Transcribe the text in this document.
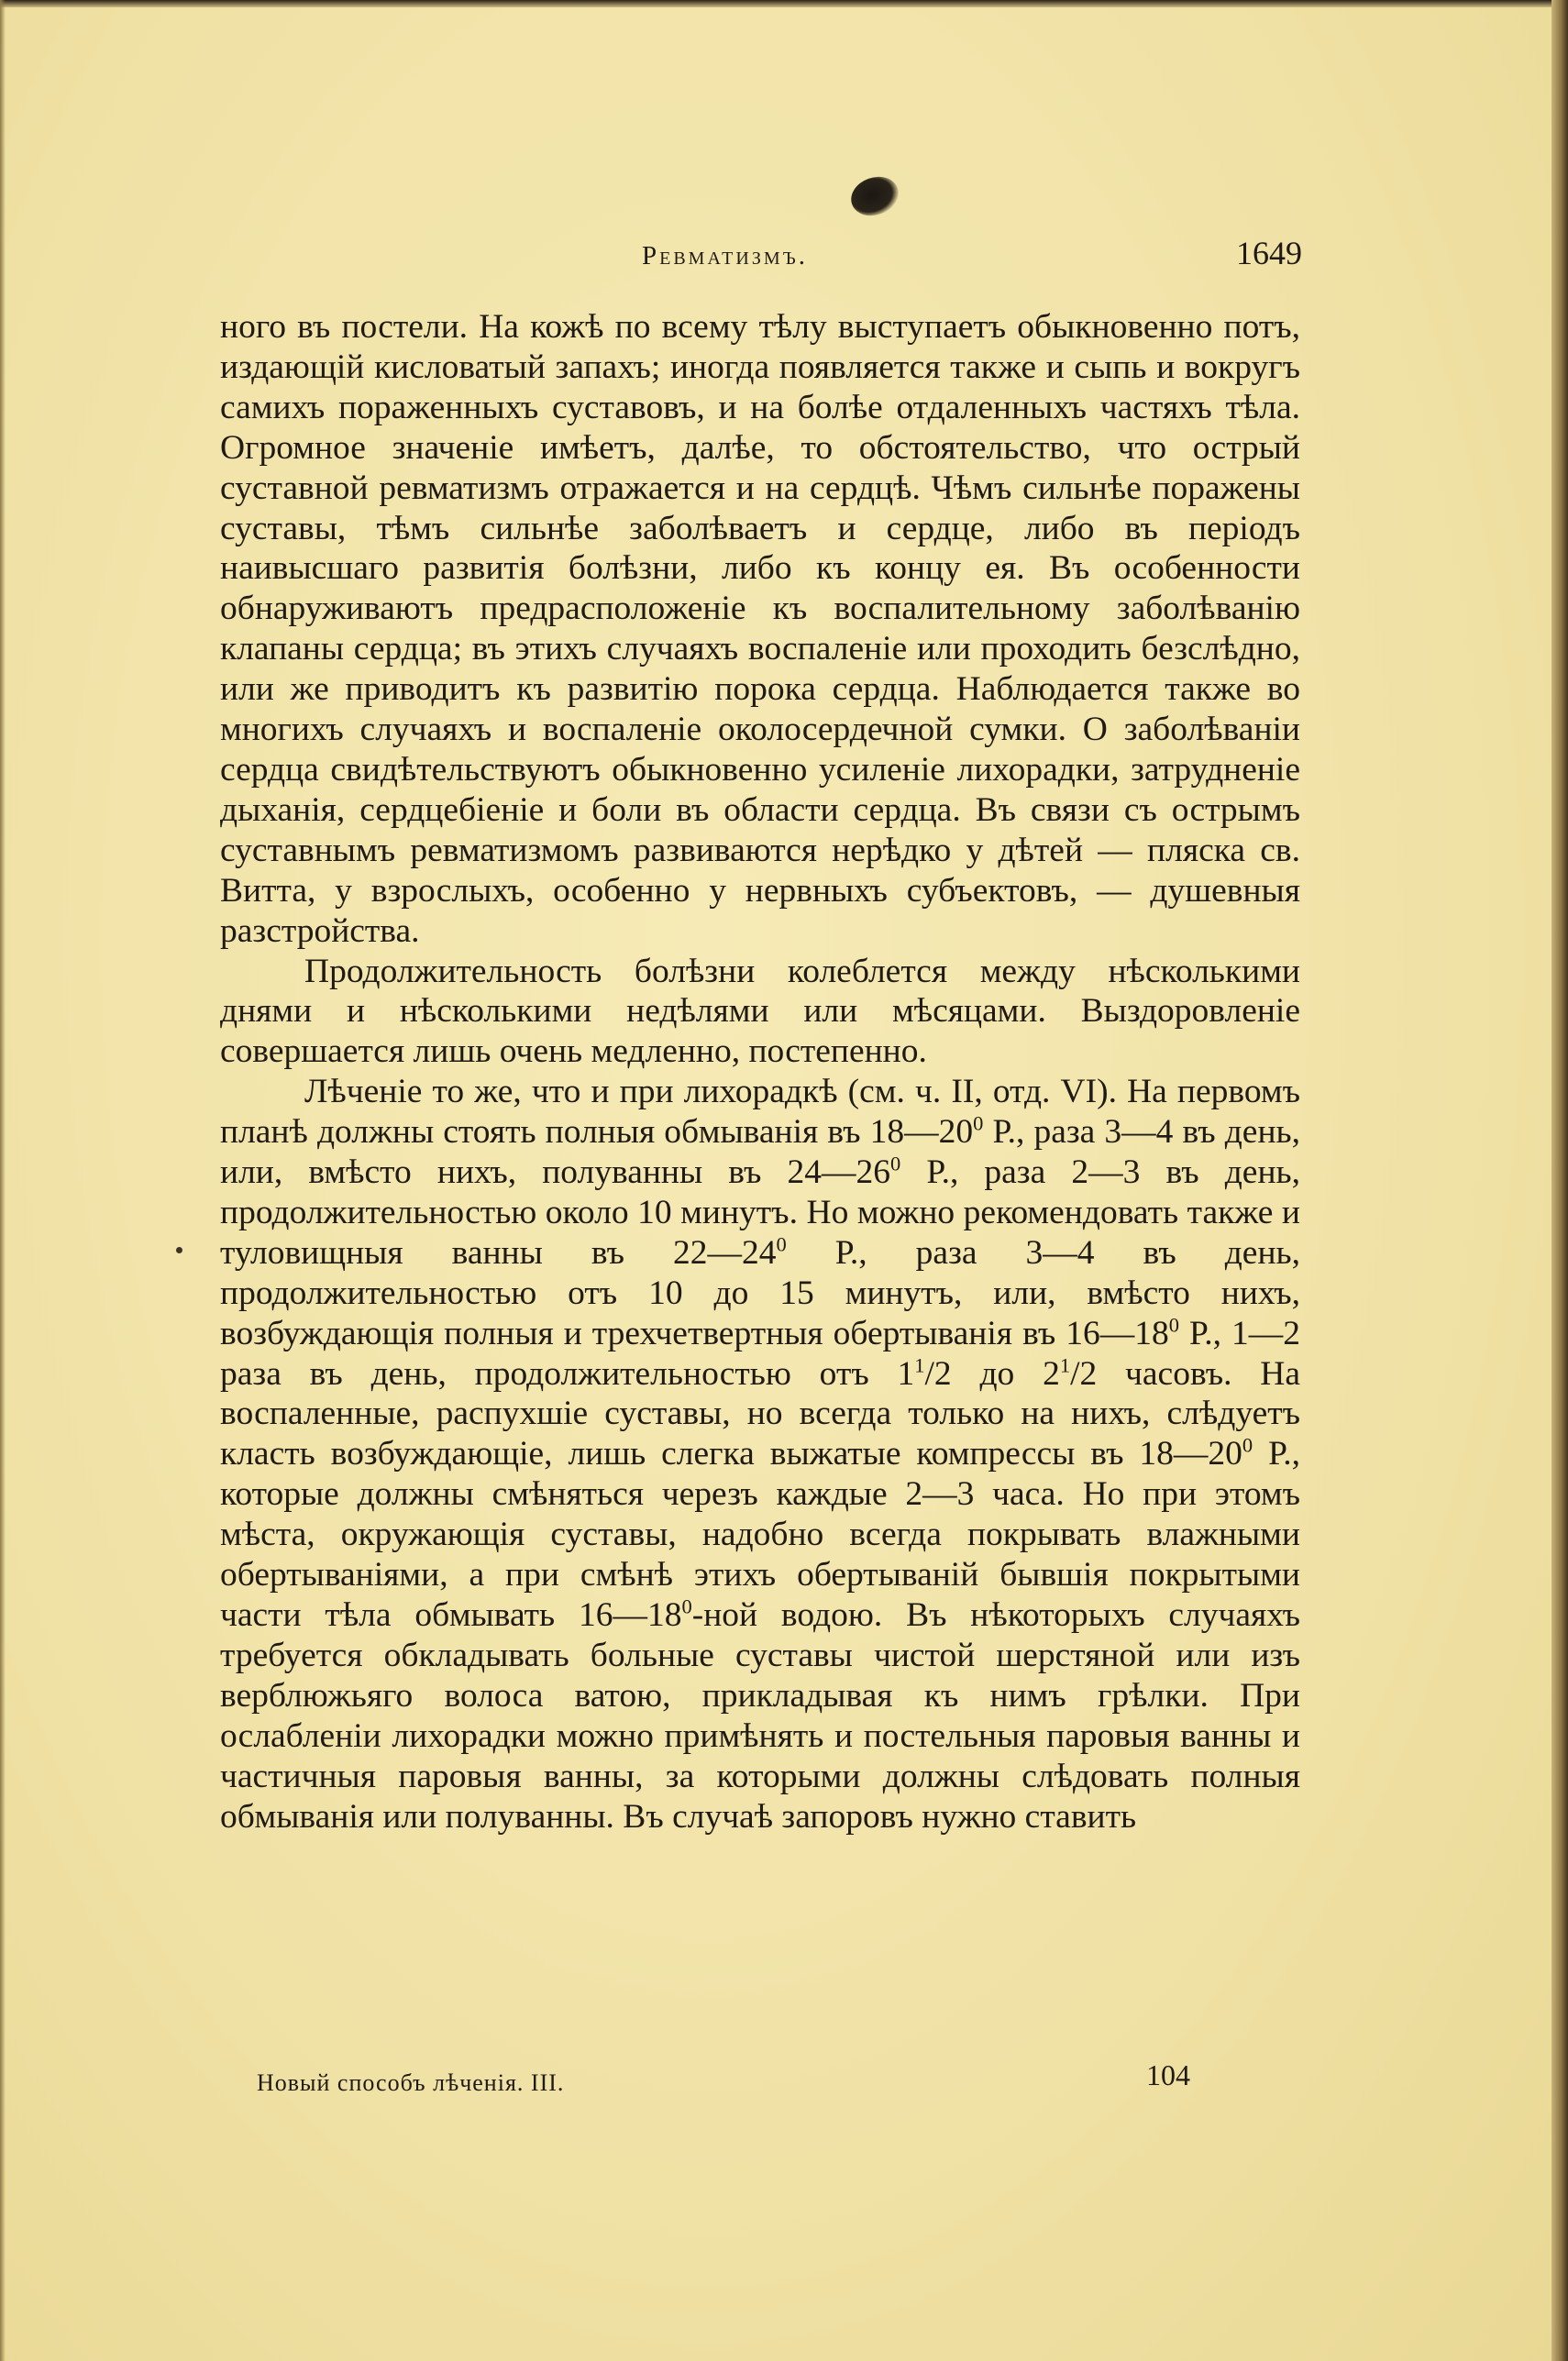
Ревматизмъ.	1649

ного въ постели. На кожѣ по всему тѣлу выступаетъ обыкновенно потъ, издающій кисловатый запахъ; иногда появляется также и сыпь и вокругъ самихъ пораженныхъ суставовъ, и на болѣе отдаленныхъ частяхъ тѣла. Огромное значеніе имѣетъ, далѣе, то обстоятельство, что острый суставной ревматизмъ отражается и на сердцѣ. Чѣмъ сильнѣе поражены суставы, тѣмъ сильнѣе заболѣваетъ и сердце, либо въ періодъ наивысшаго развитія болѣзни, либо къ концу ея. Въ особенности обнаруживаютъ предрасположеніе къ воспалительному заболѣванію клапаны сердца; въ этихъ случаяхъ воспаленіе или проходить безслѣдно, или же приводитъ къ развитію порока сердца. Наблюдается также во многихъ случаяхъ и воспаленіе околосердечной сумки. О заболѣваніи сердца свидѣтельствуютъ обыкновенно усиленіе лихорадки, затрудненіе дыханія, сердцебіеніе и боли въ области сердца. Въ связи съ острымъ суставнымъ ревматизмомъ развиваются нерѣдко у дѣтей — пляска св. Витта, у взрослыхъ, особенно у нервныхъ субъектовъ, — душевныя разстройства.

Продолжительность болѣзни колеблется между нѣсколькими днями и нѣсколькими недѣлями или мѣсяцами. Выздоровленіе совершается лишь очень медленно, постепенно.

Лѣченіе то же, что и при лихорадкѣ (см. ч. II, отд. VI). На первомъ планѣ должны стоять полныя обмыванія въ $18—20^0$ Р., раза 3—4 въ день, или, вмѣсто нихъ, полуванны въ $24—26^0$ Р., раза 2—3 въ день, продолжительностью около 10 минутъ. Но можно рекомендовать также и туловищныя ванны въ $22—24^0$ Р., раза 3—4 въ день, продолжительностью отъ 10 до 15 минутъ, или, вмѣсто нихъ, возбуждающія полныя и трехчетвертныя обертыванія въ $16—18^0$ Р., 1—2 раза въ день, продолжительностью отъ $1^1/2$ до $2^1/2$ часовъ. На воспаленные, распухшіе суставы, но всегда только на нихъ, слѣдуетъ класть возбуждающіе, лишь слегка выжатые компрессы въ $18—20^0$ Р., которые должны смѣняться черезъ каждые 2—3 часа. Но при этомъ мѣста, окружающія суставы, надобно всегда покрывать влажными обертываніями, а при смѣнѣ этихъ обертываній бывшія покрытыми части тѣла обмывать $16—18^0$-ной водою. Въ нѣкоторыхъ случаяхъ требуется обкладывать больные суставы чистой шерстяной или изъ верблюжьяго волоса ватою, прикладывая къ нимъ грѣлки. При ослабленіи лихорадки можно примѣнять и постельныя паровыя ванны и частичныя паровыя ванны, за которыми должны слѣдовать полныя обмыванія или полуванны. Въ случаѣ запоровъ нужно ставить

Новый способъ лѣченія. III.	104
